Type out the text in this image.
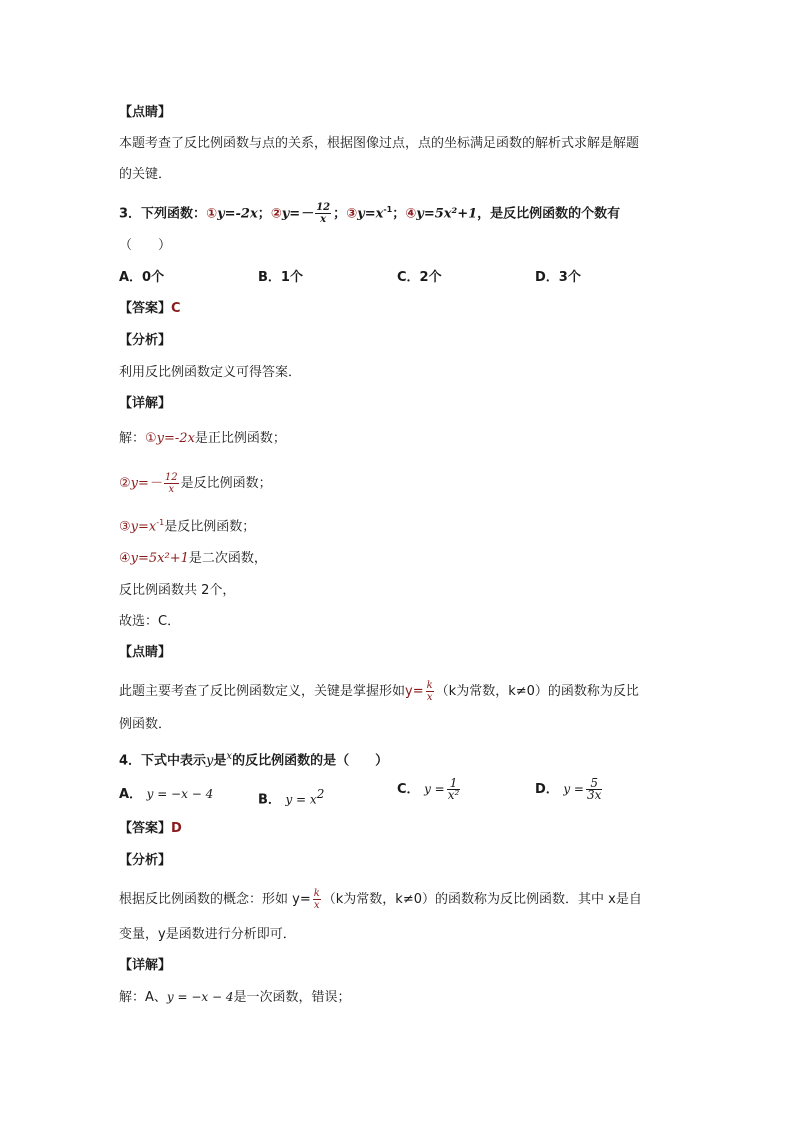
【点睛】
本题考查了反比例函数与点的关系，根据图像过点，点的坐标满足函数的解析式求解是解题
的关键．
3．下列函数：①y=-2x；②y=－ $\frac{12}{x}$ ；$③y=x^{-1}$；④y=5x²+1，是反比例函数的个数有
（　　）
A．0个	B．1个	C．2个	D．3个
【答案】C
【分析】
利用反比例函数定义可得答案．
【详解】
解：①y=-2x是正比例函数；
②y=－ $\frac{12}{x}$ 是反比例函数；
$③y=x^{-1}$是反比例函数；
④y=5x²+1是二次函数，
反比例函数共 2个，
故选：C．
【点睛】
此题主要考查了反比例函数定义，关键是掌握形如$y= \frac{k}{x} (k$为常数，k≠0）的函数称为反比
例函数．
4．下式中表示y是$^x$的反比例函数的是（　　）
A． y = −x − 4	B． $y = x^2$	C． $y = \frac{1}{\text{x²}}$	D． $y = \frac{5}{3x}$
【答案】D
【分析】
根据反比例函数的概念：形如 $y= \frac{k}{x} (k$为常数，k≠0）的函数称为反比例函数．其中 x是自
变量，y是函数进行分析即可．
【详解】
解：A、y = −x − 4是一次函数，错误；
